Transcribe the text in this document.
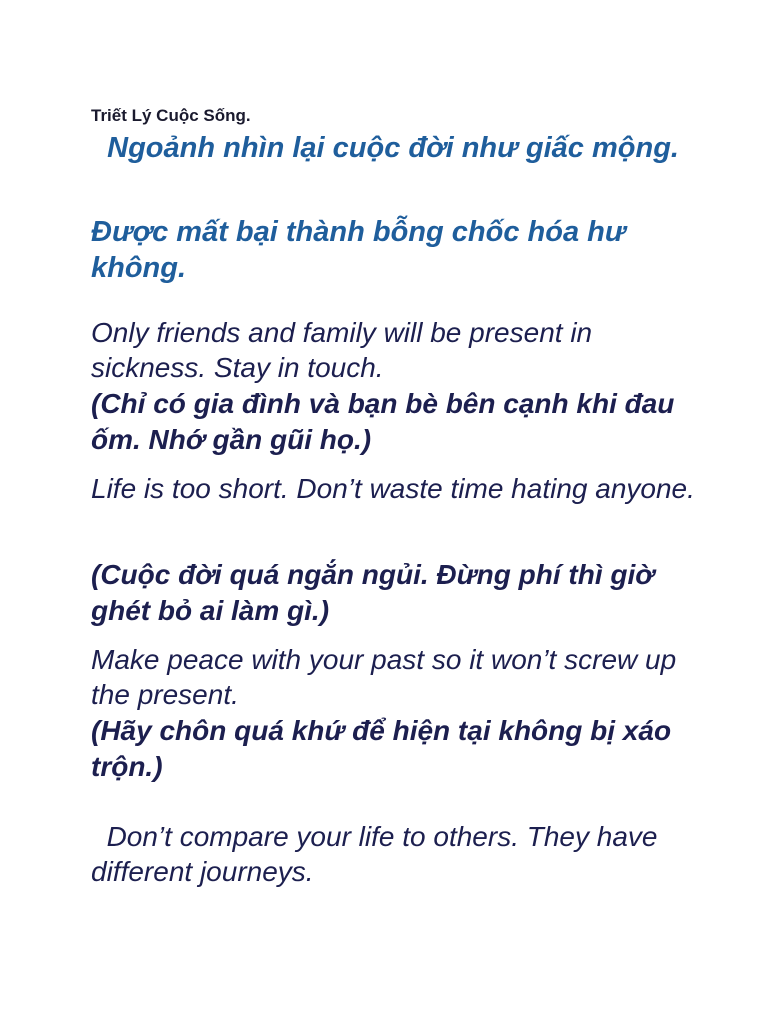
Triết Lý Cuộc Sống.
Ngoảnh nhìn lại cuộc đời như giấc mộng.
Được mất bại thành bỗng chốc hóa hư không.
Only friends and family will be present in sickness. Stay in touch.
(Chỉ có gia đình và bạn bè bên cạnh khi đau ốm. Nhớ gần gũi họ.)
Life is too short. Don’t waste time hating anyone.
(Cuộc đời quá ngắn ngủi. Đừng phí thì giờ ghét bỏ ai làm gì.)
Make peace with your past so it won’t screw up the present.
(Hãy chôn quá khứ để hiện tại không bị xáo trộn.)
Don’t compare your life to others. They have different journeys.
